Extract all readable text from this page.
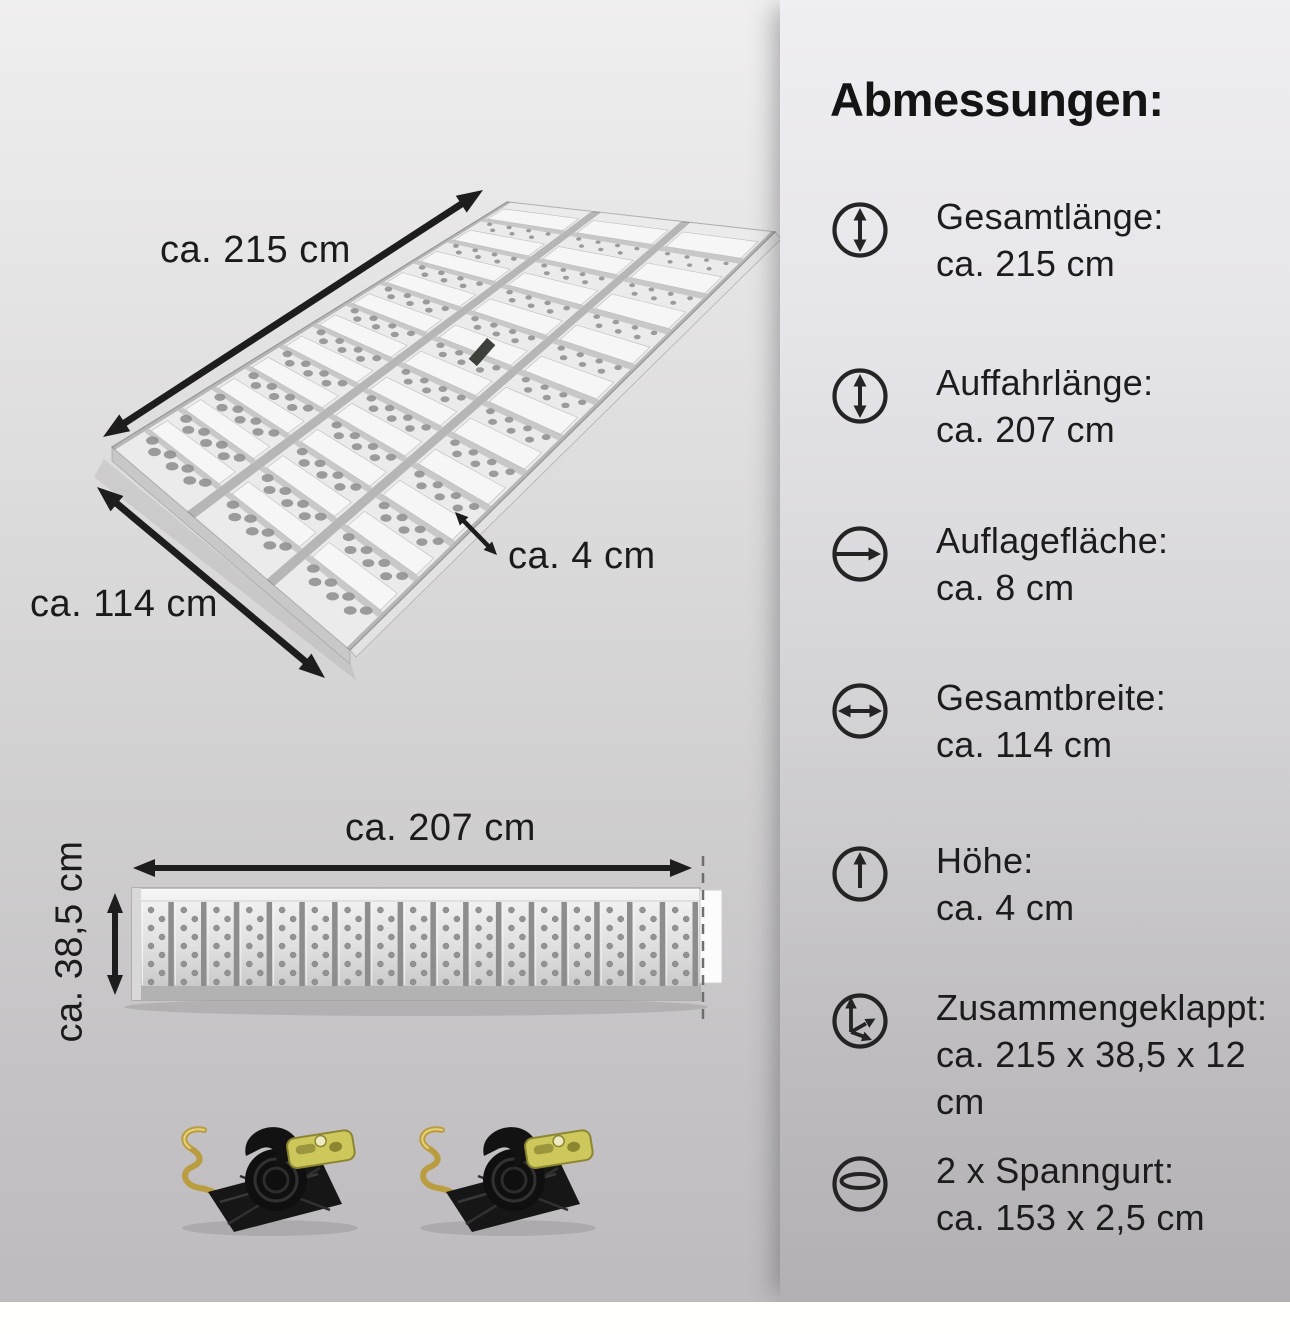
ca. 215 cm
ca. 114 cm
ca. 4 cm
ca. 207 cm
ca. 38,5 cm
Abmessungen:
Gesamtlänge:
ca. 215 cm
Auffahrlänge:
ca. 207 cm
Auflagefläche:
ca. 8 cm
Gesamtbreite:
ca. 114 cm
Höhe:
ca. 4 cm
Zusammengeklappt:
ca. 215 x 38,5 x 12 cm
2 x Spanngurt:
ca. 153 x 2,5 cm
